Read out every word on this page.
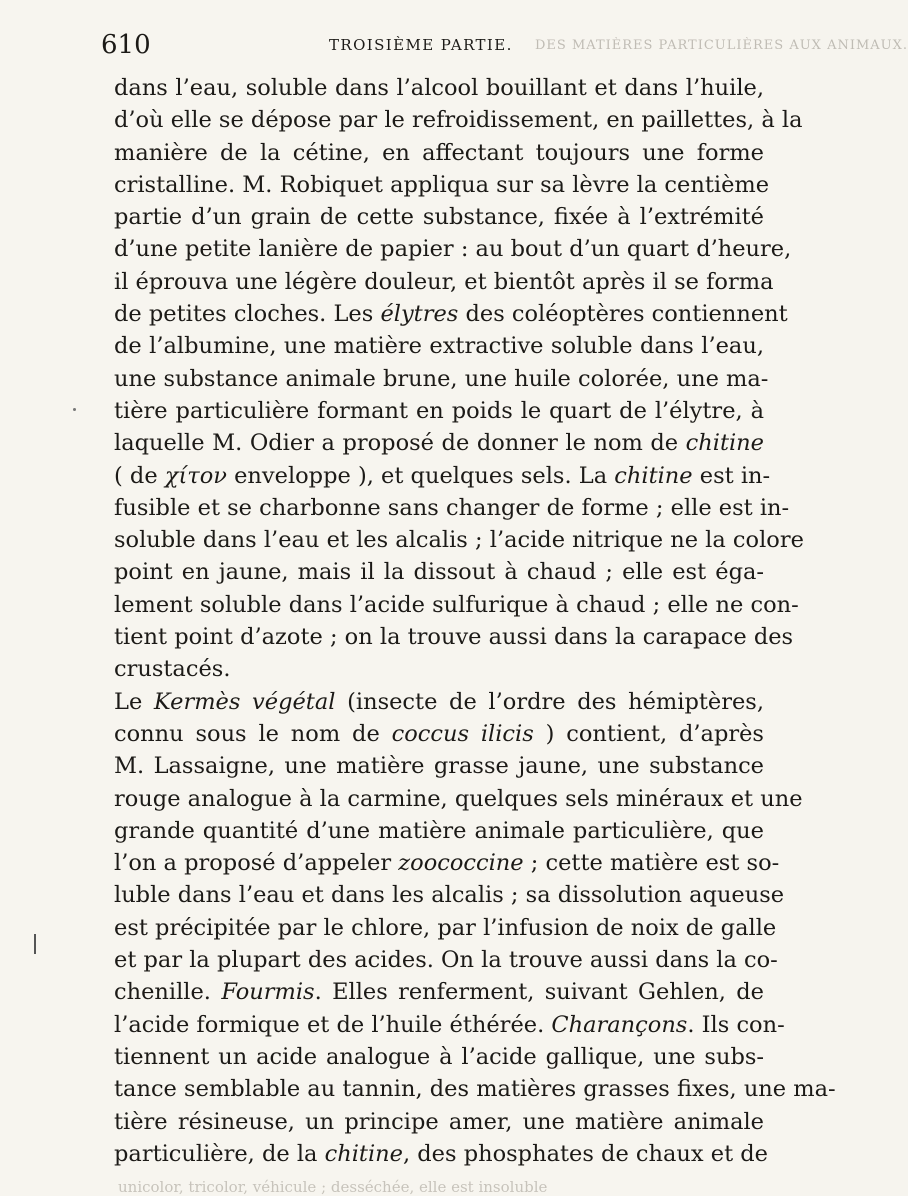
DES MATIÈRES PARTICULIÈRES AUX ANIMAUX.
610	TROISIÈME PARTIE.
dans l’eau, soluble dans l’alcool bouillant et dans l’huile,
d’où elle se dépose par le refroidissement, en paillettes, à la
manière de la cétine, en affectant toujours une forme
cristalline. M. Robiquet appliqua sur sa lèvre la centième
partie d’un grain de cette substance, fixée à l’extrémité
d’une petite lanière de papier : au bout d’un quart d’heure,
il éprouva une légère douleur, et bientôt après il se forma
de petites cloches. Les élytres des coléoptères contiennent
de l’albumine, une matière extractive soluble dans l’eau,
une substance animale brune, une huile colorée, une ma-
tière particulière formant en poids le quart de l’élytre, à
laquelle M. Odier a proposé de donner le nom de chitine
( de χίτον enveloppe ), et quelques sels. La chitine est in-
fusible et se charbonne sans changer de forme ; elle est in-
soluble dans l’eau et les alcalis ; l’acide nitrique ne la colore
point en jaune, mais il la dissout à chaud ; elle est éga-
lement soluble dans l’acide sulfurique à chaud ; elle ne con-
tient point d’azote ; on la trouve aussi dans la carapace des
crustacés.
Le Kermès végétal (insecte de l’ordre des hémiptères,
connu sous le nom de coccus ilicis ) contient, d’après
M. Lassaigne, une matière grasse jaune, une substance
rouge analogue à la carmine, quelques sels minéraux et une
grande quantité d’une matière animale particulière, que
l’on a proposé d’appeler zoococcine ; cette matière est so-
luble dans l’eau et dans les alcalis ; sa dissolution aqueuse
est précipitée par le chlore, par l’infusion de noix de galle
et par la plupart des acides. On la trouve aussi dans la co-
chenille. Fourmis. Elles renferment, suivant Gehlen, de
l’acide formique et de l’huile éthérée. Charançons. Ils con-
tiennent un acide analogue à l’acide gallique, une subs-
tance semblable au tannin, des matières grasses fixes, une ma-
tière résineuse, un principe amer, une matière animale
particulière, de la chitine, des phosphates de chaux et de
unicolor, tricolor, véhicule ; desséchée, elle est insoluble
